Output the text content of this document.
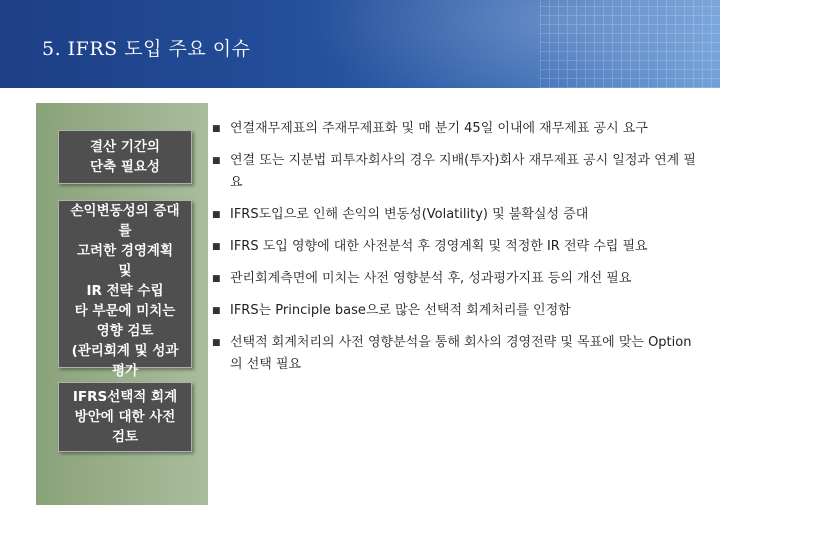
5. IFRS 도입 주요 이슈
결산 기간의
단축 필요성
손익변동성의 증대
를
고려한 경영계획
및
IR 전략 수립
타 부문에 미치는
영향 검토
(관리회계 및 성과
평가
IFRS선택적 회계
방안에 대한 사전
검토
■ 연결재무제표의 주재무제표화 및 매 분기 45일 이내에 재무제표 공시 요구
■ 연결 또는 지분법 피투자회사의 경우 지배(투자)회사 재무제표 공시 일정과 연계 필요
■ IFRS도입으로 인해 손익의 변동성(Volatility) 및 불확실성 증대
■ IFRS 도입 영향에 대한 사전분석 후 경영계획 및 적정한 IR 전략 수립 필요
■ 관리회계측면에 미치는 사전 영향분석 후, 성과평가지표 등의 개선 필요
■ IFRS는 Principle base으로 많은 선택적 회계처리를 인정함
■ 선택적 회계처리의 사전 영향분석을 통해 회사의 경영전략 및 목표에 맞는 Option의 선택 필요
